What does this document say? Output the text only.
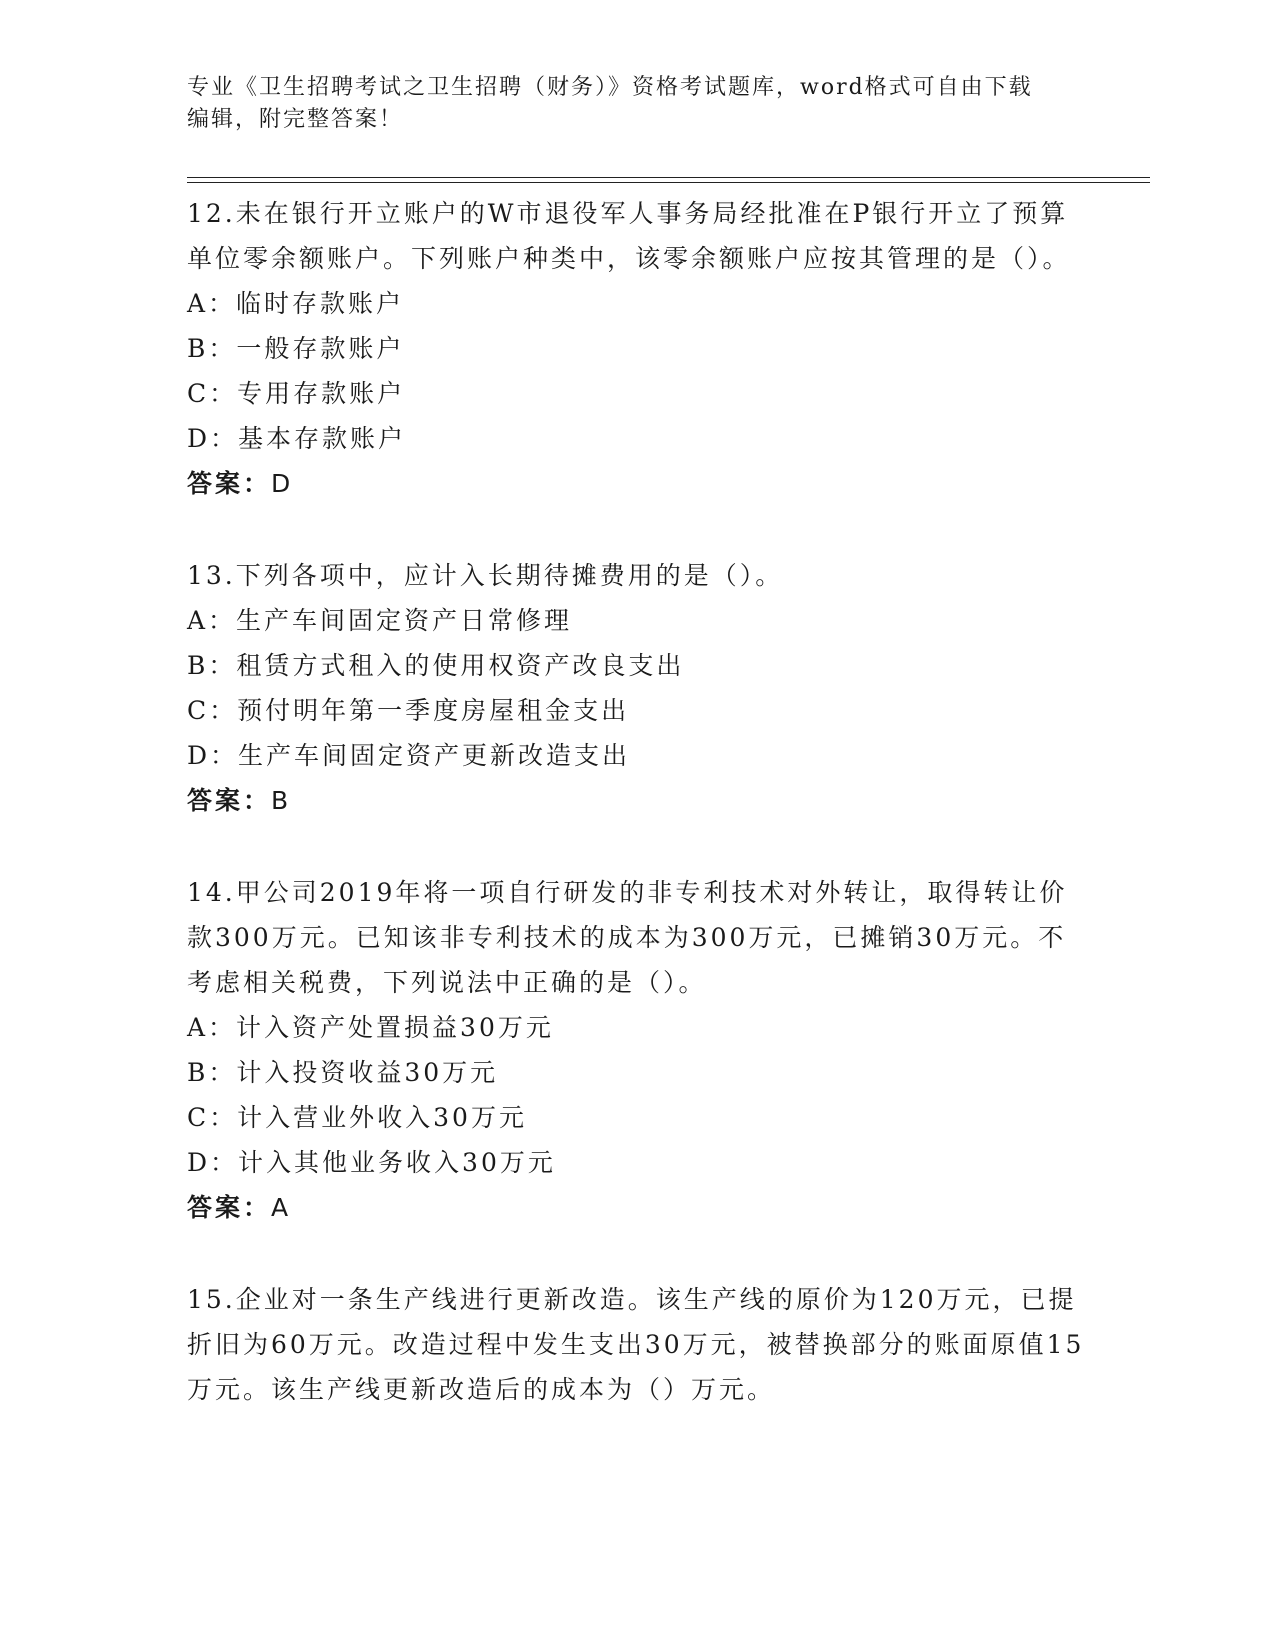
专业《卫生招聘考试之卫生招聘（财务）》资格考试题库，word格式可自由下载
编辑，附完整答案！
12.未在银行开立账户的W市退役军人事务局经批准在P银行开立了预算单位零余额账户。下列账户种类中，该零余额账户应按其管理的是（）。
A：临时存款账户
B：一般存款账户
C：专用存款账户
D：基本存款账户
答案：D
13.下列各项中，应计入长期待摊费用的是（）。
A：生产车间固定资产日常修理
B：租赁方式租入的使用权资产改良支出
C：预付明年第一季度房屋租金支出
D：生产车间固定资产更新改造支出
答案：B
14.甲公司2019年将一项自行研发的非专利技术对外转让，取得转让价款300万元。已知该非专利技术的成本为300万元，已摊销30万元。不考虑相关税费，下列说法中正确的是（）。
A：计入资产处置损益30万元
B：计入投资收益30万元
C：计入营业外收入30万元
D：计入其他业务收入30万元
答案：A
15.企业对一条生产线进行更新改造。该生产线的原价为120万元，已提折旧为60万元。改造过程中发生支出30万元，被替换部分的账面原值15万元。该生产线更新改造后的成本为（）万元。
